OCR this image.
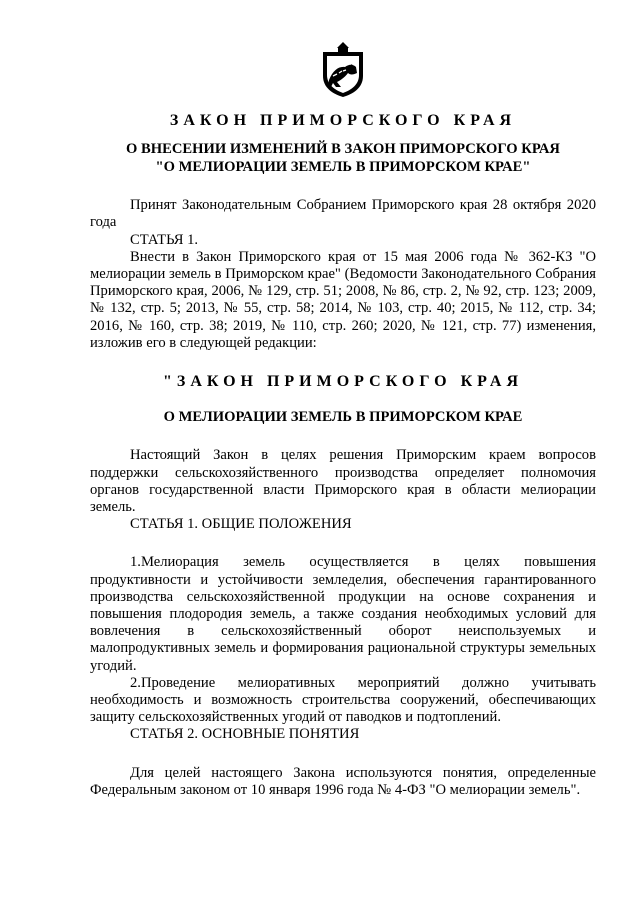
ЗАКОН ПРИМОРСКОГО КРАЯ
О ВНЕСЕНИИ ИЗМЕНЕНИЙ В ЗАКОН ПРИМОРСКОГО КРАЯ
"О МЕЛИОРАЦИИ ЗЕМЕЛЬ В ПРИМОРСКОМ КРАЕ"

Принят Законодательным Собранием Приморского края 28 октября 2020 года

СТАТЬЯ 1.

Внести в Закон Приморского края от 15 мая 2006 года № 362-КЗ "О мелиорации земель в Приморском крае" (Ведомости Законодательного Собрания Приморского края, 2006, № 129, стр. 51; 2008, № 86, стр. 2, № 92, стр. 123; 2009, № 132, стр. 5; 2013, № 55, стр. 58; 2014, № 103, стр. 40; 2015, № 112, стр. 34; 2016, № 160, стр. 38; 2019, № 110, стр. 260; 2020, № 121, стр. 77) изменения, изложив его в следующей редакции:

"ЗАКОН ПРИМОРСКОГО КРАЯ
О МЕЛИОРАЦИИ ЗЕМЕЛЬ В ПРИМОРСКОМ КРАЕ

Настоящий Закон в целях решения Приморским краем вопросов поддержки сельскохозяйственного производства определяет полномочия органов государственной власти Приморского края в области мелиорации земель.

СТАТЬЯ 1. ОБЩИЕ ПОЛОЖЕНИЯ

1.Мелиорация земель осуществляется в целях повышения продуктивности и устойчивости земледелия, обеспечения гарантированного производства сельскохозяйственной продукции на основе сохранения и повышения плодородия земель, а также создания необходимых условий для вовлечения в сельскохозяйственный оборот неиспользуемых и малопродуктивных земель и формирования рациональной структуры земельных угодий.

2.Проведение мелиоративных мероприятий должно учитывать необходимость и возможность строительства сооружений, обеспечивающих защиту сельскохозяйственных угодий от паводков и подтоплений.

СТАТЬЯ 2. ОСНОВНЫЕ ПОНЯТИЯ

Для целей настоящего Закона используются понятия, определенные Федеральным законом от 10 января 1996 года № 4-ФЗ "О мелиорации земель".
